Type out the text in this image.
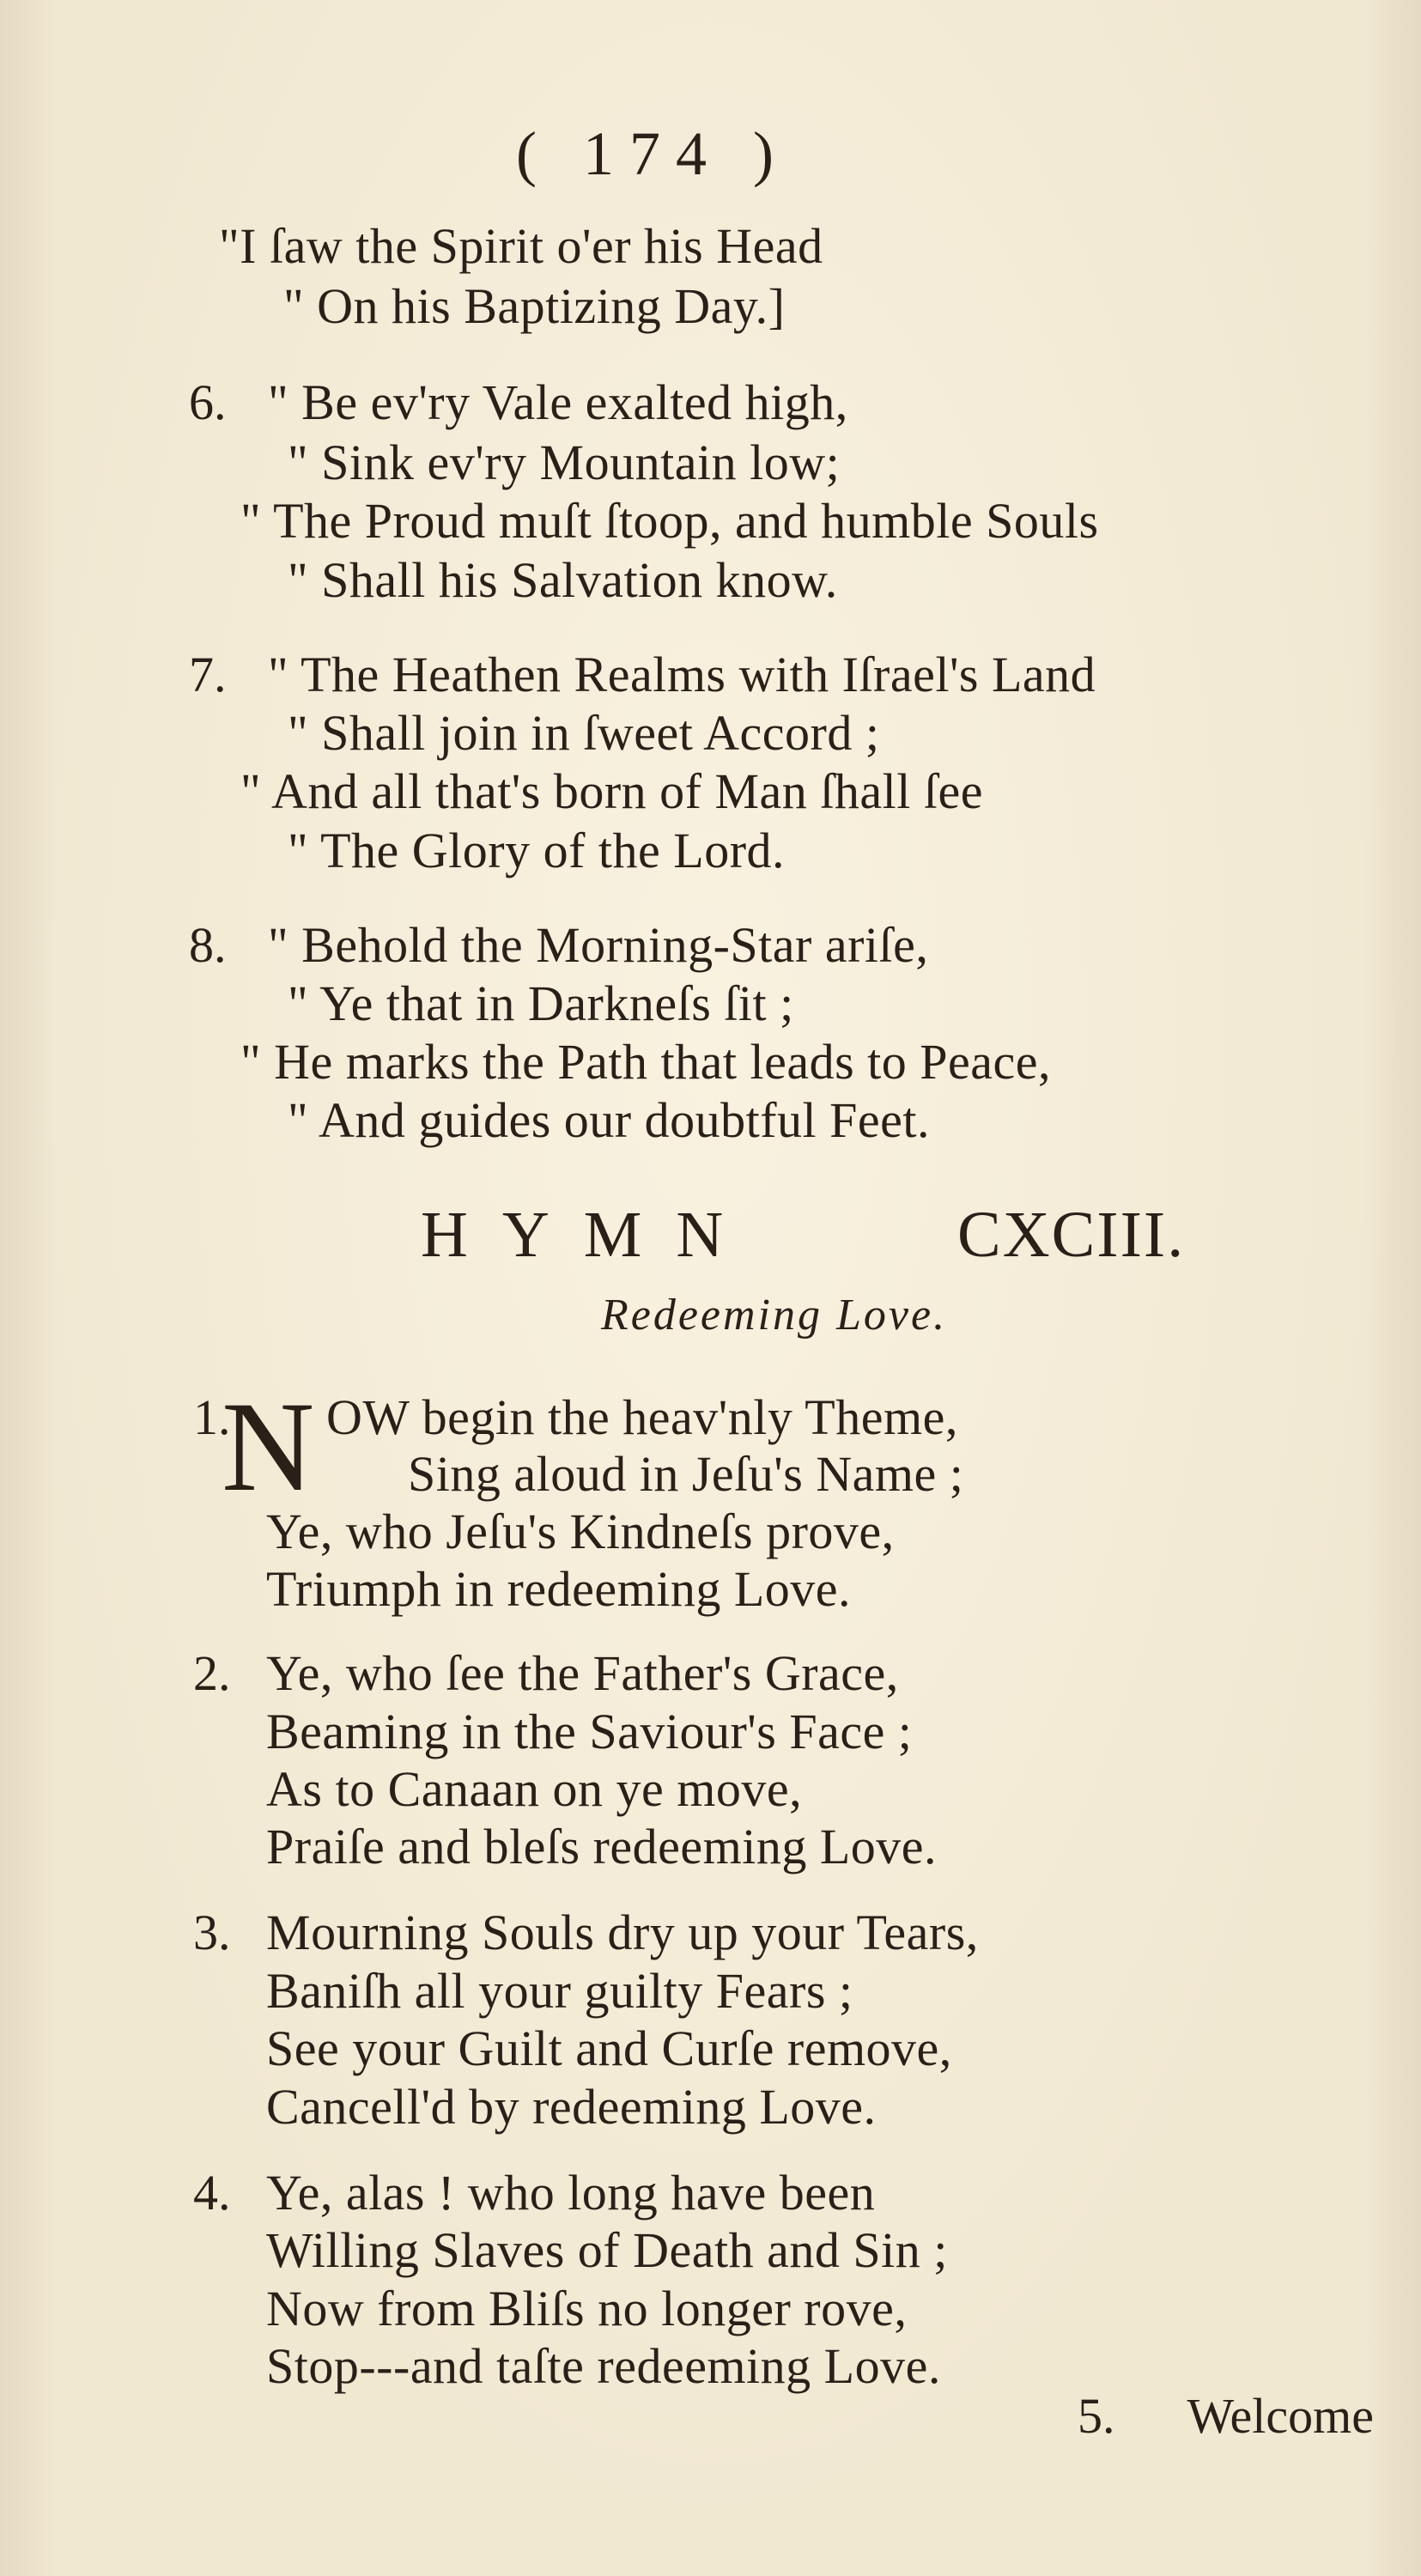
( 174 )
"I ſaw the Spirit o'er his Head
" On his Baptizing Day.]
6. " Be ev'ry Vale exalted high,
" Sink ev'ry Mountain low;
" The Proud muſt ſtoop, and humble Souls
" Shall his Salvation know.
7. " The Heathen Realms with Iſrael's Land
" Shall join in ſweet Accord ;
" And all that's born of Man ſhall ſee
" The Glory of the Lord.
8. " Behold the Morning-Star ariſe,
" Ye that in Darkneſs ſit ;
" He marks the Path that leads to Peace,
" And guides our doubtful Feet.
HYMN	CXCIII.
Redeeming Love.
1.
N OW begin the heav'nly Theme,
Sing aloud in Jeſu's Name ;
Ye, who Jeſu's Kindneſs prove,
Triumph in redeeming Love.
2. Ye, who ſee the Father's Grace,
Beaming in the Saviour's Face ;
As to Canaan on ye move,
Praiſe and bleſs redeeming Love.
3. Mourning Souls dry up your Tears,
Baniſh all your guilty Fears ;
See your Guilt and Curſe remove,
Cancell'd by redeeming Love.
4. Ye, alas ! who long have been
Willing Slaves of Death and Sin ;
Now from Bliſs no longer rove,
Stop---and taſte redeeming Love.
5. Welcome
